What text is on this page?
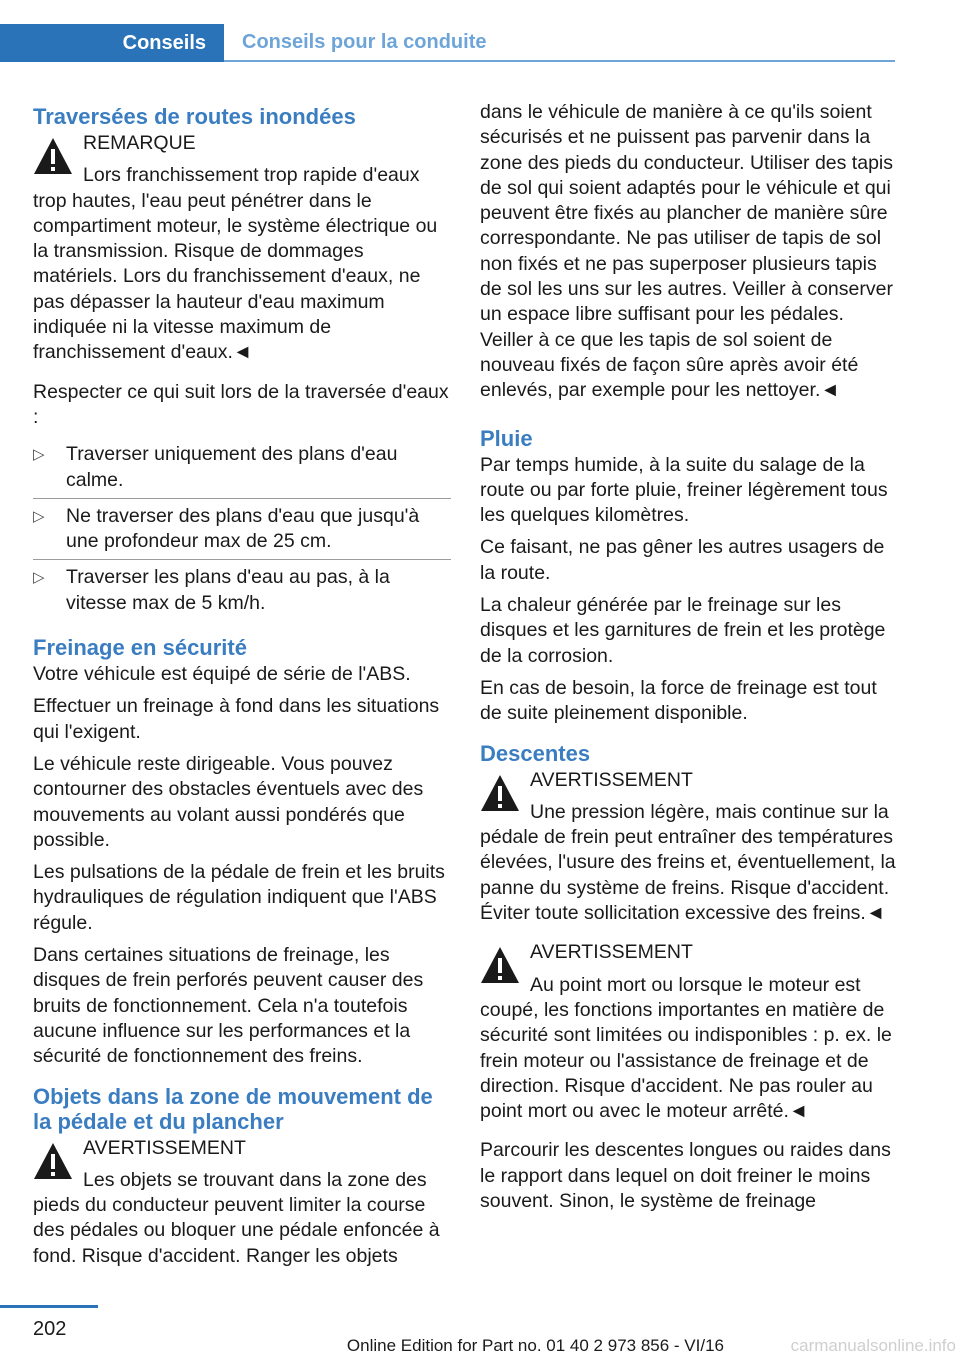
Conseils	Conseils pour la conduite
Traversées de routes inondées
REMARQUE
Lors franchissement trop rapide d'eaux trop hautes, l'eau peut pénétrer dans le compartiment moteur, le système électrique ou la transmission. Risque de dommages matériels. Lors du franchissement d'eaux, ne pas dépasser la hauteur d'eau maximum indiquée ni la vitesse maximum de franchissement d'eaux.◄

Respecter ce qui suit lors de la traversée d'eaux :

▷ Traverser uniquement des plans d'eau calme.
▷ Ne traverser des plans d'eau que jusqu'à une profondeur max de 25 cm.
▷ Traverser les plans d'eau au pas, à la vitesse max de 5 km/h.
Freinage en sécurité

Votre véhicule est équipé de série de l'ABS.

Effectuer un freinage à fond dans les situations qui l'exigent.

Le véhicule reste dirigeable. Vous pouvez contourner des obstacles éventuels avec des mouvements au volant aussi pondérés que possible.

Les pulsations de la pédale de frein et les bruits hydrauliques de régulation indiquent que l'ABS régule.

Dans certaines situations de freinage, les disques de frein perforés peuvent causer des bruits de fonctionnement. Cela n'a toutefois aucune influence sur les performances et la sécurité de fonctionnement des freins.

Objets dans la zone de mouvement de la pédale et du plancher
AVERTISSEMENT
Les objets se trouvant dans la zone des pieds du conducteur peuvent limiter la course des pédales ou bloquer une pédale enfoncée à fond. Risque d'accident. Ranger les objets

dans le véhicule de manière à ce qu'ils soient sécurisés et ne puissent pas parvenir dans la zone des pieds du conducteur. Utiliser des tapis de sol qui soient adaptés pour le véhicule et qui peuvent être fixés au plancher de manière sûre correspondante. Ne pas utiliser de tapis de sol non fixés et ne pas superposer plusieurs tapis de sol les uns sur les autres. Veiller à conserver un espace libre suffisant pour les pédales. Veiller à ce que les tapis de sol soient de nouveau fixés de façon sûre après avoir été enlevés, par exemple pour les nettoyer.◄

Pluie

Par temps humide, à la suite du salage de la route ou par forte pluie, freiner légèrement tous les quelques kilomètres.

Ce faisant, ne pas gêner les autres usagers de la route.

La chaleur générée par le freinage sur les disques et les garnitures de frein et les protège de la corrosion.

En cas de besoin, la force de freinage est tout de suite pleinement disponible.

Descentes
AVERTISSEMENT
Une pression légère, mais continue sur la pédale de frein peut entraîner des températures élevées, l'usure des freins et, éventuellement, la panne du système de freins. Risque d'accident. Éviter toute sollicitation excessive des freins.◄
AVERTISSEMENT
Au point mort ou lorsque le moteur est coupé, les fonctions importantes en matière de sécurité sont limitées ou indisponibles : p. ex. le frein moteur ou l'assistance de freinage et de direction. Risque d'accident. Ne pas rouler au point mort ou avec le moteur arrêté.◄

Parcourir les descentes longues ou raides dans le rapport dans lequel on doit freiner le moins souvent. Sinon, le système de freinage

202
Online Edition for Part no. 01 40 2 973 856 - VI/16	carmanualsonline.info
